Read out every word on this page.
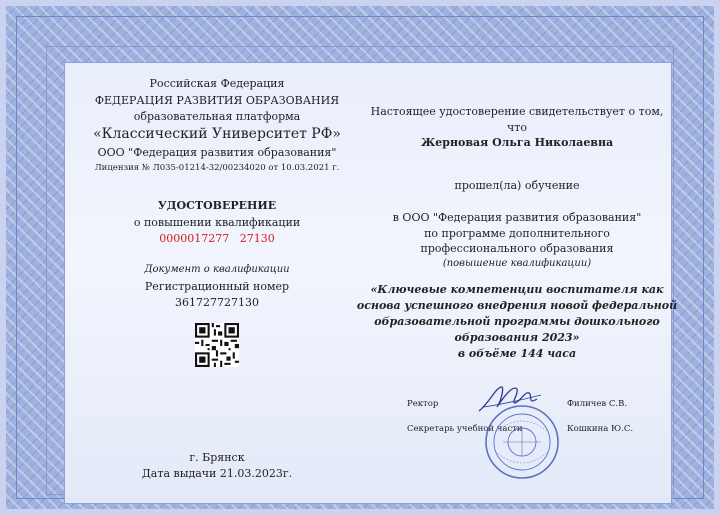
Российская Федерация
ФЕДЕРАЦИЯ РАЗВИТИЯ ОБРАЗОВАНИЯ
образовательная платформа
«Классический Университет РФ»
ООО "Федерация развития образования"
Лицензия № Л035-01214-32/00234020 от 10.03.2021 г.
УДОСТОВЕРЕНИЕ
о повышении квалификации
0000017277   27130
Документ о квалификации
Регистрационный номер
361727727130
г. Брянск
Дата выдачи 21.03.2023г.
Настоящее удостоверение свидетельствует о том,
что
Жерновая Ольга Николаевна
прошел(ла) обучение
в ООО "Федерация развития образования"
по программе дополнительного
профессионального образования
(повышение квалификации)
«Ключевые компетенции воспитателя как
основа успешного внедрения новой федеральной
образовательной программы дошкольного
образования 2023»
в объёме 144 часа
Ректор	Филичев С.В.
Секретарь учебной части	Кошкина Ю.С.
